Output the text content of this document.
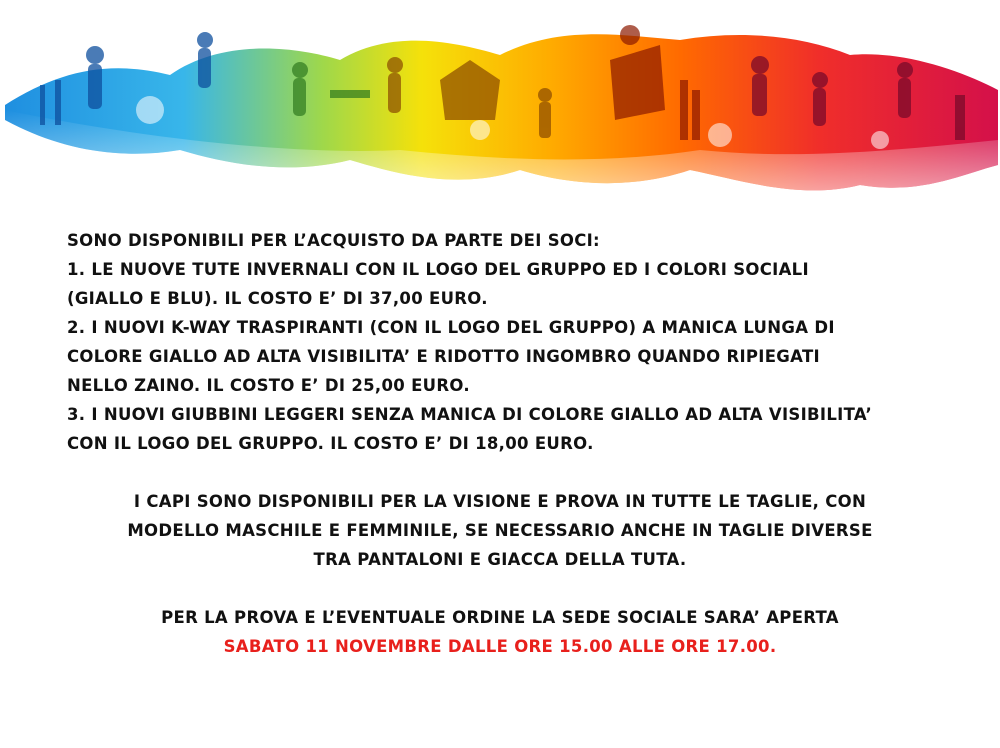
SONO DISPONIBILI PER L’ACQUISTO DA PARTE DEI SOCI:
1. LE NUOVE TUTE INVERNALI CON IL LOGO DEL GRUPPO ED I COLORI SOCIALI
(GIALLO E BLU). IL COSTO E’ DI 37,00 EURO.
2. I NUOVI K-WAY TRASPIRANTI (CON IL LOGO DEL GRUPPO) A MANICA LUNGA DI
COLORE GIALLO AD ALTA VISIBILITA’ E RIDOTTO INGOMBRO QUANDO RIPIEGATI
NELLO ZAINO. IL COSTO E’ DI 25,00 EURO.
3. I NUOVI GIUBBINI LEGGERI SENZA MANICA DI COLORE GIALLO AD ALTA VISIBILITA’
CON IL LOGO DEL GRUPPO. IL COSTO E’ DI 18,00 EURO.
I CAPI SONO DISPONIBILI PER LA VISIONE E PROVA IN TUTTE LE TAGLIE, CON
MODELLO MASCHILE E FEMMINILE, SE NECESSARIO ANCHE IN TAGLIE DIVERSE
TRA PANTALONI E GIACCA DELLA TUTA.
PER LA PROVA E L’EVENTUALE ORDINE LA SEDE SOCIALE SARA’ APERTA
SABATO 11 NOVEMBRE DALLE ORE 15.00 ALLE ORE 17.00.
